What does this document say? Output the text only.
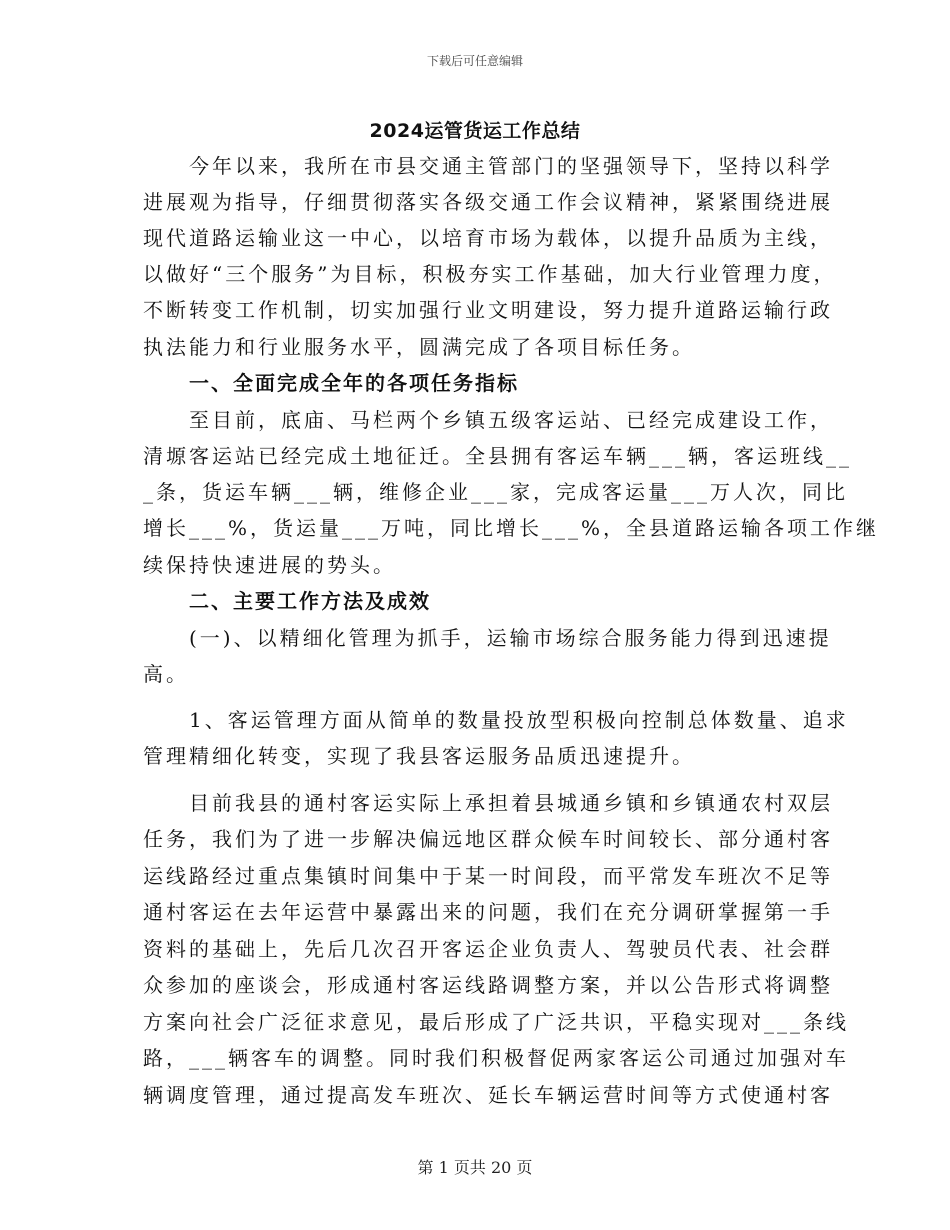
下载后可任意编辑
2024运管货运工作总结
今年以来，我所在市县交通主管部门的坚强领导下，坚持以科学
进展观为指导，仔细贯彻落实各级交通工作会议精神，紧紧围绕进展
现代道路运输业这一中心，以培育市场为载体，以提升品质为主线，
以做好“三个服务”为目标，积极夯实工作基础，加大行业管理力度，
不断转变工作机制，切实加强行业文明建设，努力提升道路运输行政
执法能力和行业服务水平，圆满完成了各项目标任务。
一、全面完成全年的各项任务指标
至目前，底庙、马栏两个乡镇五级客运站、已经完成建设工作，
清塬客运站已经完成土地征迁。全县拥有客运车辆___辆，客运班线__
_条，货运车辆___辆，维修企业___家，完成客运量___万人次，同比
增长___%，货运量___万吨，同比增长___%，全县道路运输各项工作继
续保持快速进展的势头。
二、主要工作方法及成效
(一)、以精细化管理为抓手，运输市场综合服务能力得到迅速提
高。
1、客运管理方面从简单的数量投放型积极向控制总体数量、追求
管理精细化转变，实现了我县客运服务品质迅速提升。
目前我县的通村客运实际上承担着县城通乡镇和乡镇通农村双层
任务，我们为了进一步解决偏远地区群众候车时间较长、部分通村客
运线路经过重点集镇时间集中于某一时间段，而平常发车班次不足等
通村客运在去年运营中暴露出来的问题，我们在充分调研掌握第一手
资料的基础上，先后几次召开客运企业负责人、驾驶员代表、社会群
众参加的座谈会，形成通村客运线路调整方案，并以公告形式将调整
方案向社会广泛征求意见，最后形成了广泛共识，平稳实现对___条线
路，___辆客车的调整。同时我们积极督促两家客运公司通过加强对车
辆调度管理，通过提高发车班次、延长车辆运营时间等方式使通村客
第 1 页共 20 页
